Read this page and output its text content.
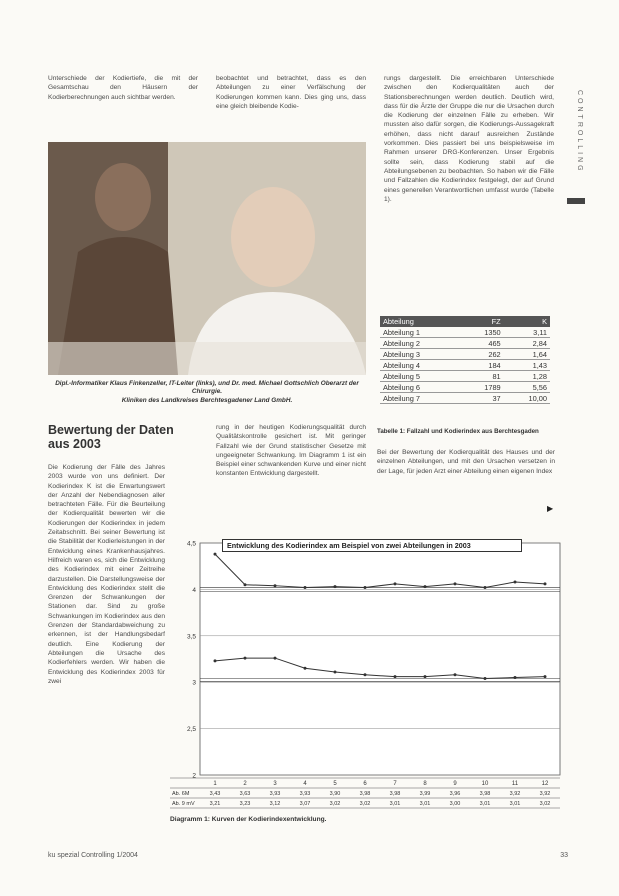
CONTROLLING
Unterschiede der Kodiertiefe, die mit der Gesamtschau den Häusern der Kodierberechnungen auch sichtbar werden.
beobachtet und betrachtet, dass es den Abteilungen zu einer Verfälschung der Kodierungen kommen kann. Dies ging uns, dass eine gleich bleibende Kodie-
rungs dargestellt. Die erreichbaren Unterschiede zwischen den Kodierqualitäten auch der Stationsberechnungen werden deutlich. Deutlich wird, dass für die Ärzte der Gruppe die nur die Ursachen durch die Kodierung der einzelnen Fälle zu erheben. Wir mussten also dafür sorgen, die Kodierungs-Aussagekraft erhöhen, dass nicht darauf ausreichen Zustände vorkommen. Dies passiert bei uns beispielsweise im Rahmen unserer DRG-Konferenzen. Unser Ergebnis sollte sein, dass Kodierung stabil auf die Abteilungsebenen zu beobachten. So haben wir die Fälle und Fallzahlen die Kodierindex festgelegt, der auf Grund eines generellen Verantwortlichen umfasst wurde (Tabelle 1).
Dipl.-Informatiker Klaus Finkenzeller, IT-Leiter (links), und Dr. med. Michael Gottschlich Oberarzt der Chirurgie.
Kliniken des Landkreises Berchtesgadener Land GmbH.
Abteilung	FZ	K
Abteilung 1	1350	3,11
Abteilung 2	465	2,84
Abteilung 3	262	1,64
Abteilung 4	184	1,43
Abteilung 5	81	1,28
Abteilung 6	1789	5,56
Abteilung 7	37	10,00
Tabelle 1: Fallzahl und Kodierindex aus Berchtesgaden
Bewertung der Daten aus 2003
Die Kodierung der Fälle des Jahres 2003 wurde von uns definiert. Der Kodierindex K ist die Erwartungswert der Anzahl der Nebendiagnosen aller betrachteten Fälle. Für die Beurteilung der Kodierqualität bewerten wir die Kodierungen der Kodierindex in jedem Zeitabschnitt. Bei seiner Bewertung ist die Stabilität der Kodierleistungen in der Entwicklung eines Krankenhausjahres. Hilfreich waren es, sich die Entwicklung des Kodierindex mit einer Zeitreihe darzustellen. Die Darstellungsweise der Entwicklung des Kodierindex stellt die Grenzen der Schwankungen der Stationen dar. Sind zu große Schwankungen im Kodierindex aus den Grenzen der Standardabweichung zu erkennen, ist der Handlungsbedarf deutlich. Eine Kodierung der Abteilungen die Ursache des Kodierfehlers werden. Wir haben die Entwicklung des Kodierindex 2003 für zwei
rung in der heutigen Kodierungsqualität durch Qualitätskontrolle gesichert ist. Mit geringer Fallzahl wie der Grund statistischer Gesetze mit ungeeigneter Schwankung. Im Diagramm 1 ist ein Beispiel einer schwankenden Kurve und einer nicht konstanten Entwicklung dargestellt.
Bei der Bewertung der Kodierqualität des Hauses und der einzelnen Abteilungen, und mit den Ursachen versetzen in der Lage, für jeden Arzt einer Abteilung einen eigenen Index
▶
4,5
4
3,5
3
2,5
2
1	2	3	4	5	6	7	8	9	10	11	12
Ab. 6M	3,43	3,63	3,93	3,93	3,90	3,98	3,98	3,99	3,96	3,98	3,92	3,92
Ab. 9 mV	3,21	3,23	3,12	3,07	3,02	3,02	3,01	3,01	3,00	3,01	3,01	3,02
Entwicklung des Kodierindex am Beispiel von zwei Abteilungen in 2003
Diagramm 1: Kurven der Kodierindexentwicklung.
ku spezial Controlling 1/2004	33
